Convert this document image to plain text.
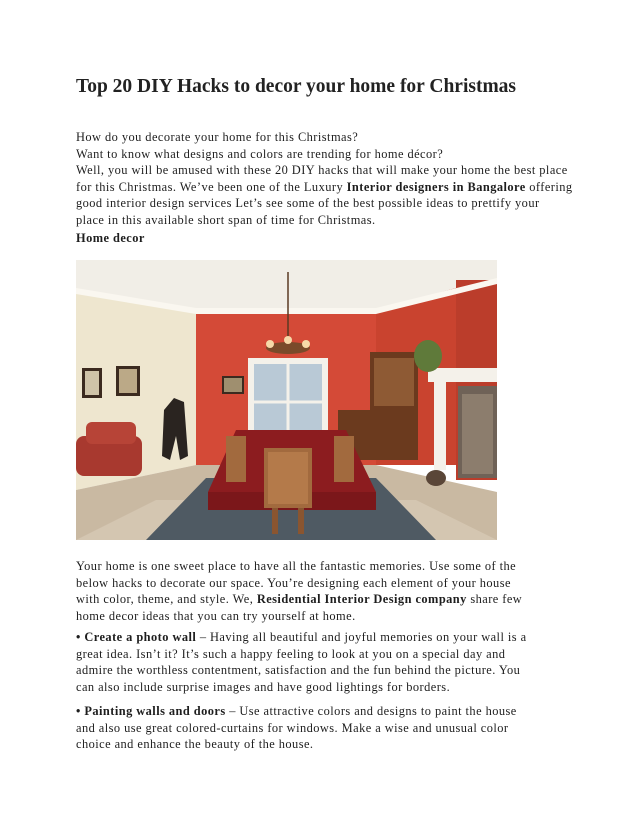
Top 20 DIY Hacks to decor your home for Christmas

How do you decorate your home for this Christmas?
Want to know what designs and colors are trending for home décor?
Well, you will be amused with these 20 DIY hacks that will make your home the best place
for this Christmas. We’ve been one of the Luxury Interior designers in Bangalore offering
good interior design services Let’s see some of the best possible ideas to prettify your
place in this available short span of time for Christmas.

Home decor

Your home is one sweet place to have all the fantastic memories. Use some of the
below hacks to decorate our space. You’re designing each element of your house
with color, theme, and style. We, Residential Interior Design company share few
home decor ideas that you can try yourself at home.

• Create a photo wall – Having all beautiful and joyful memories on your wall is a
great idea. Isn’t it? It’s such a happy feeling to look at you on a special day and
admire the worthless contentment, satisfaction and the fun behind the picture. You
can also include surprise images and have good lightings for borders.

• Painting walls and doors – Use attractive colors and designs to paint the house
and also use great colored-curtains for windows. Make a wise and unusual color
choice and enhance the beauty of the house.
